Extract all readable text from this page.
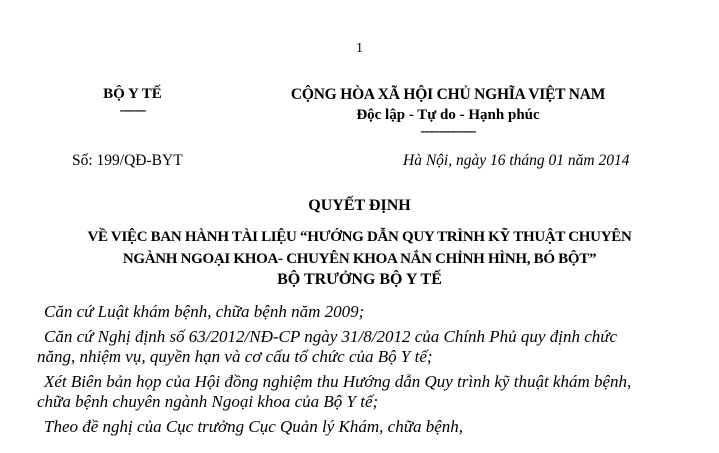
1
BỘ Y TẾ
-------
CỘNG HÒA XÃ HỘI CHỦ NGHĨA VIỆT NAM
Độc lập - Tự do - Hạnh phúc
---------------
Số: 199/QĐ-BYT	Hà Nội, ngày 16 tháng 01 năm 2014
QUYẾT ĐỊNH
VỀ VIỆC BAN HÀNH TÀI LIỆU “HƯỚNG DẪN QUY TRÌNH KỸ THUẬT CHUYÊN
NGÀNH NGOẠI KHOA- CHUYÊN KHOA NẮN CHỈNH HÌNH, BÓ BỘT”
BỘ TRƯỞNG BỘ Y TẾ

Căn cứ Luật khám bệnh, chữa bệnh năm 2009;

Căn cứ Nghị định số 63/2012/NĐ-CP ngày 31/8/2012 của Chính Phủ quy định chức
năng, nhiệm vụ, quyền hạn và cơ cấu tổ chức của Bộ Y tế;

Xét Biên bản họp của Hội đồng nghiệm thu Hướng dẫn Quy trình kỹ thuật khám bệnh,
chữa bệnh chuyên ngành Ngoại khoa của Bộ Y tế;

Theo đề nghị của Cục trưởng Cục Quản lý Khám, chữa bệnh,
